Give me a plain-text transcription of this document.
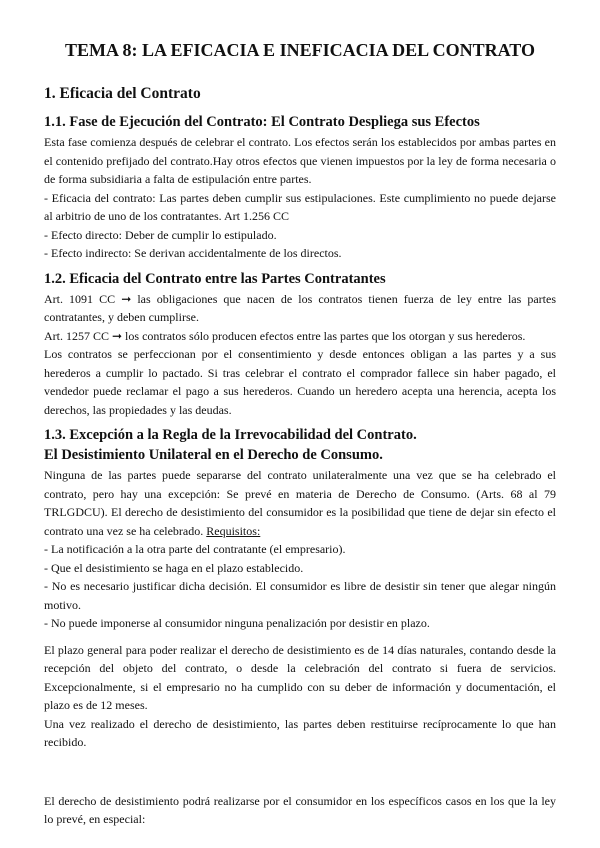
TEMA 8: LA EFICACIA E INEFICACIA DEL CONTRATO
1. Eficacia del Contrato
1.1. Fase de Ejecución del Contrato: El Contrato Despliega sus Efectos

Esta fase comienza después de celebrar el contrato. Los efectos serán los establecidos por ambas partes en el contenido prefijado del contrato.Hay otros efectos que vienen impuestos por la ley de forma necesaria o de forma subsidiaria a falta de estipulación entre partes.

- Eficacia del contrato: Las partes deben cumplir sus estipulaciones. Este cumplimiento no puede dejarse al arbitrio de uno de los contratantes. Art 1.256 CC

- Efecto directo: Deber de cumplir lo estipulado.

- Efecto indirecto: Se derivan accidentalmente de los directos.

1.2. Eficacia del Contrato entre las Partes Contratantes

Art. 1091 CC ➞ las obligaciones que nacen de los contratos tienen fuerza de ley entre las partes contratantes, y deben cumplirse.

Art. 1257 CC ➞ los contratos sólo producen efectos entre las partes que los otorgan y sus herederos.

Los contratos se perfeccionan por el consentimiento y desde entonces obligan a las partes y a sus herederos a cumplir lo pactado. Si tras celebrar el contrato el comprador fallece sin haber pagado, el vendedor puede reclamar el pago a sus herederos. Cuando un heredero acepta una herencia, acepta los derechos, las propiedades y las deudas.

1.3. Excepción a la Regla de la Irrevocabilidad del Contrato.
El Desistimiento Unilateral en el Derecho de Consumo.

Ninguna de las partes puede separarse del contrato unilateralmente una vez que se ha celebrado el contrato, pero hay una excepción: Se prevé en materia de Derecho de Consumo. (Arts. 68 al 79 TRLGDCU). El derecho de desistimiento del consumidor es la posibilidad que tiene de dejar sin efecto el contrato una vez se ha celebrado. Requisitos:

- La notificación a la otra parte del contratante (el empresario).

- Que el desistimiento se haga en el plazo establecido.

- No es necesario justificar dicha decisión. El consumidor es libre de desistir sin tener que alegar ningún motivo.

- No puede imponerse al consumidor ninguna penalización por desistir en plazo.

El plazo general para poder realizar el derecho de desistimiento es de 14 días naturales, contando desde la recepción del objeto del contrato, o desde la celebración del contrato si fuera de servicios. Excepcionalmente, si el empresario no ha cumplido con su deber de información y documentación, el plazo es de 12 meses.

Una vez realizado el derecho de desistimiento, las partes deben restituirse recíprocamente lo que han recibido.

El derecho de desistimiento podrá realizarse por el consumidor en los específicos casos en los que la ley lo prevé, en especial:
